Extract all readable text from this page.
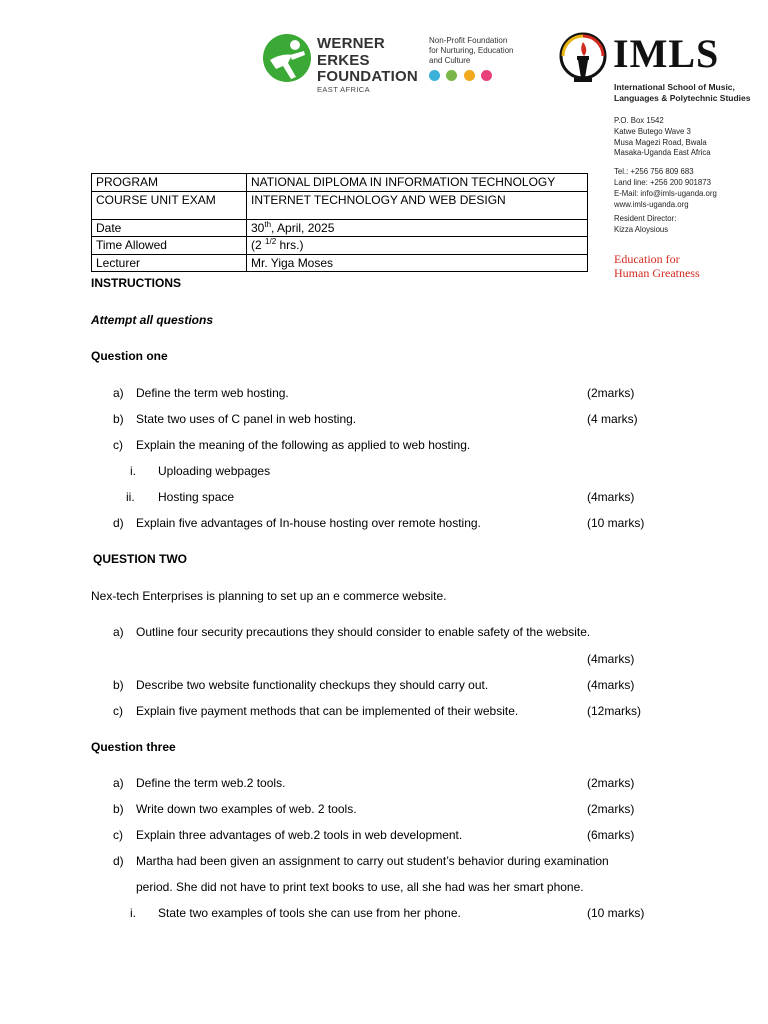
WERNER
ERKES
FOUNDATION
EAST AFRICA
Non-Profit Foundation
for Nurturing, Education
and Culture
	IMLS
International School of Music,
Languages & Polytechnic Studies
P.O. Box 1542
Katwe Butego Wave 3
Musa Magezi Road, Bwala
Masaka-Uganda East Africa
Tel.: +256 756 809 683
Land line: +256 200 901873
E-Mail: info@imls-uganda.org
www.imls-uganda.org
Resident Director:
Kizza Aloysious
Education for
Human Greatness
PROGRAM	NATIONAL DIPLOMA IN INFORMATION TECHNOLOGY
COURSE UNIT EXAM	INTERNET TECHNOLOGY AND WEB DESIGN
Date	30th, April, 2025
Time Allowed	(2 $^{1/2}$ hrs.)
Lecturer	Mr. Yiga Moses
INSTRUCTIONS
Attempt all questions
Question one
a) Define the term web hosting.	(2marks)
b) State two uses of C panel in web hosting.	(4 marks)
c) Explain the meaning of the following as applied to web hosting.
i. Uploading webpages
ii. Hosting space	(4marks)
d) Explain five advantages of In-house hosting over remote hosting.	(10 marks)
QUESTION TWO
Nex-tech Enterprises is planning to set up an e commerce website.
a) Outline four security precautions they should consider to enable safety of the website.
(4marks)
b) Describe two website functionality checkups they should carry out.	(4marks)
c) Explain five payment methods that can be implemented of their website.	(12marks)
Question three
a) Define the term web.2 tools.	(2marks)
b) Write down two examples of web. 2 tools.	(2marks)
c) Explain three advantages of web.2 tools in web development.	(6marks)
d) Martha had been given an assignment to carry out student’s behavior during examination
period. She did not have to print text books to use, all she had was her smart phone.
i. State two examples of tools she can use from her phone.	(10 marks)
